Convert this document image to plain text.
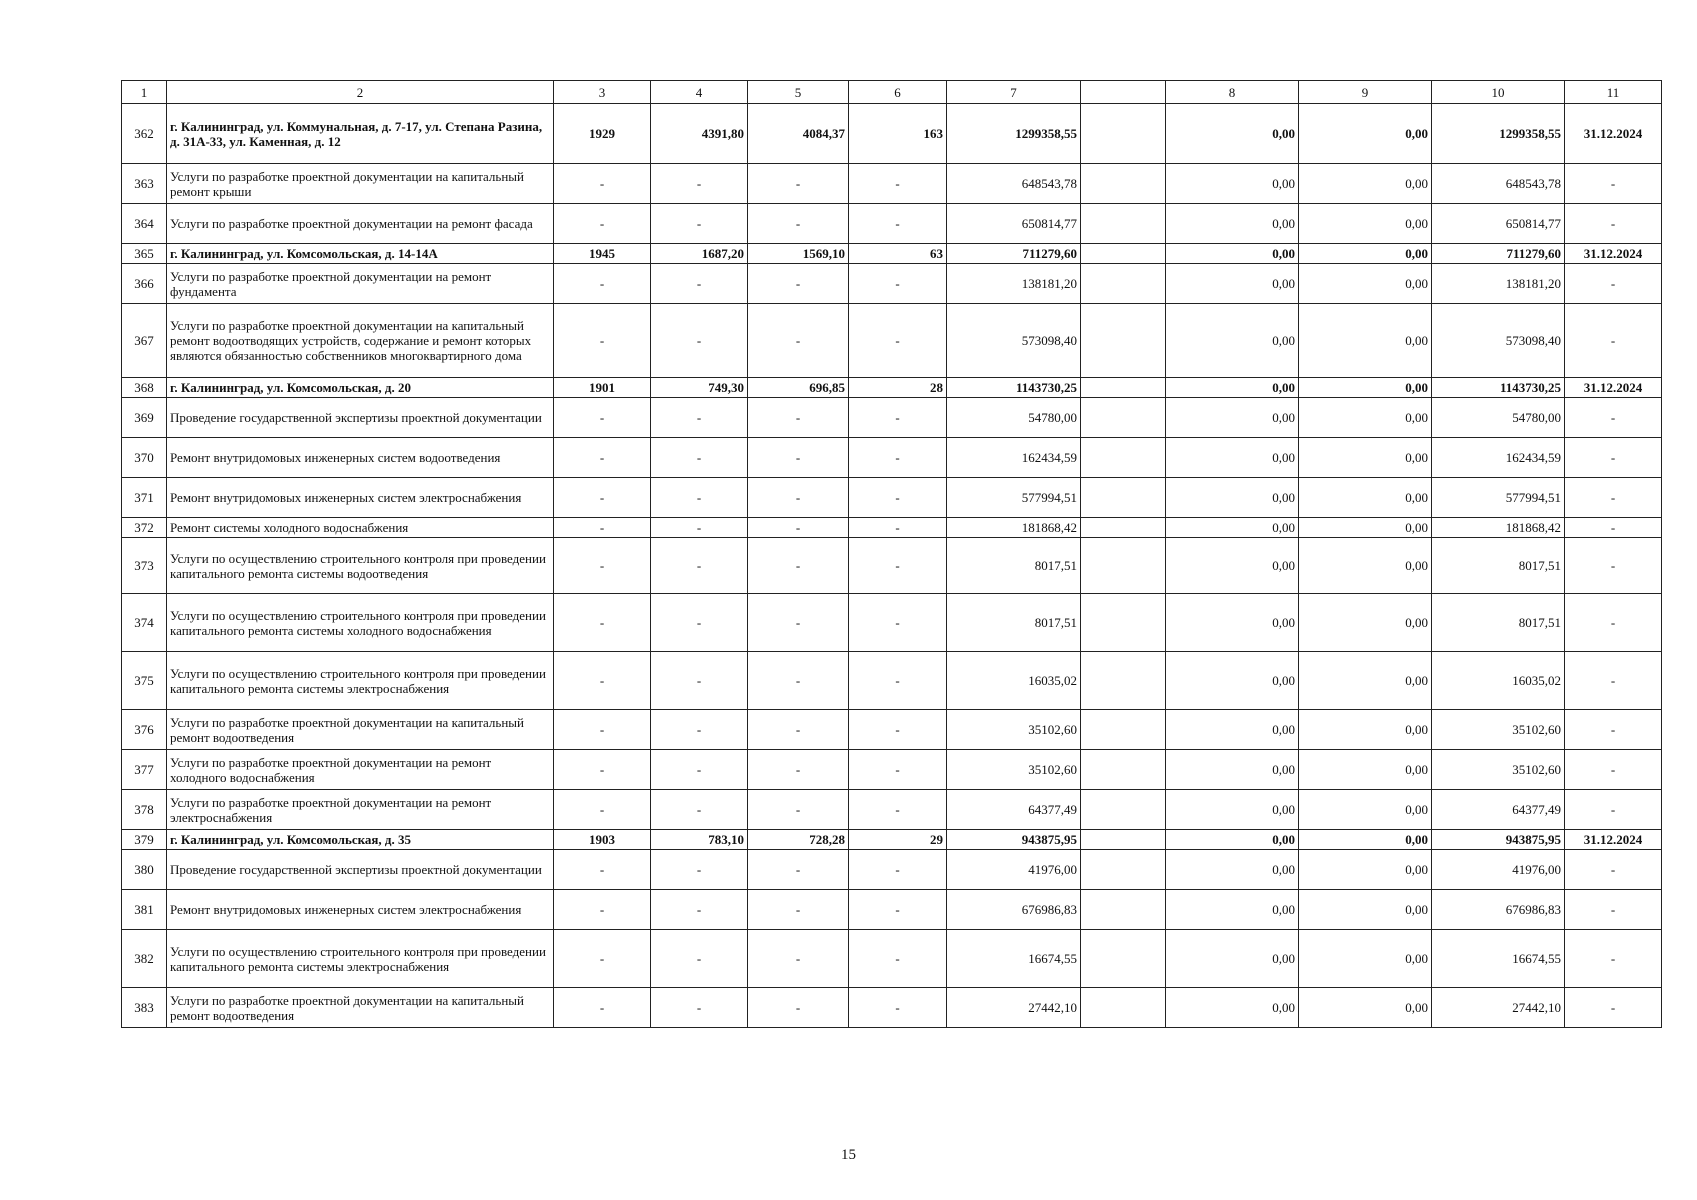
1	2	3	4	5	6	7		8	9	10	11
362	г. Калининград, ул. Коммунальная, д. 7-17, ул. Степана Разина, д. 31А-33, ул. Каменная, д. 12	1929	4391,80	4084,37	163	1299358,55		0,00	0,00	1299358,55	31.12.2024
363	Услуги по разработке проектной документации на капитальный ремонт крыши	-	-	-	-	648543,78		0,00	0,00	648543,78	-
364	Услуги по разработке проектной документации на ремонт фасада	-	-	-	-	650814,77		0,00	0,00	650814,77	-
365	г. Калининград, ул. Комсомольская, д. 14-14А	1945	1687,20	1569,10	63	711279,60		0,00	0,00	711279,60	31.12.2024
366	Услуги по разработке проектной документации на ремонт фундамента	-	-	-	-	138181,20		0,00	0,00	138181,20	-
367	Услуги по разработке проектной документации на капитальный ремонт водоотводящих устройств, содержание и ремонт которых являются обязанностью собственников многоквартирного дома	-	-	-	-	573098,40		0,00	0,00	573098,40	-
368	г. Калининград, ул. Комсомольская, д. 20	1901	749,30	696,85	28	1143730,25		0,00	0,00	1143730,25	31.12.2024
369	Проведение государственной экспертизы проектной документации	-	-	-	-	54780,00		0,00	0,00	54780,00	-
370	Ремонт внутридомовых инженерных систем водоотведения	-	-	-	-	162434,59		0,00	0,00	162434,59	-
371	Ремонт внутридомовых инженерных систем электроснабжения	-	-	-	-	577994,51		0,00	0,00	577994,51	-
372	Ремонт системы холодного водоснабжения	-	-	-	-	181868,42		0,00	0,00	181868,42	-
373	Услуги по осуществлению строительного контроля при проведении капитального ремонта системы водоотведения	-	-	-	-	8017,51		0,00	0,00	8017,51	-
374	Услуги по осуществлению строительного контроля при проведении капитального ремонта системы холодного водоснабжения	-	-	-	-	8017,51		0,00	0,00	8017,51	-
375	Услуги по осуществлению строительного контроля при проведении капитального ремонта системы электроснабжения	-	-	-	-	16035,02		0,00	0,00	16035,02	-
376	Услуги по разработке проектной документации на капитальный ремонт водоотведения	-	-	-	-	35102,60		0,00	0,00	35102,60	-
377	Услуги по разработке проектной документации на ремонт холодного водоснабжения	-	-	-	-	35102,60		0,00	0,00	35102,60	-
378	Услуги по разработке проектной документации на ремонт электроснабжения	-	-	-	-	64377,49		0,00	0,00	64377,49	-
379	г. Калининград, ул. Комсомольская, д. 35	1903	783,10	728,28	29	943875,95		0,00	0,00	943875,95	31.12.2024
380	Проведение государственной экспертизы проектной документации	-	-	-	-	41976,00		0,00	0,00	41976,00	-
381	Ремонт внутридомовых инженерных систем электроснабжения	-	-	-	-	676986,83		0,00	0,00	676986,83	-
382	Услуги по осуществлению строительного контроля при проведении капитального ремонта системы электроснабжения	-	-	-	-	16674,55		0,00	0,00	16674,55	-
383	Услуги по разработке проектной документации на капитальный ремонт водоотведения	-	-	-	-	27442,10		0,00	0,00	27442,10	-
15
